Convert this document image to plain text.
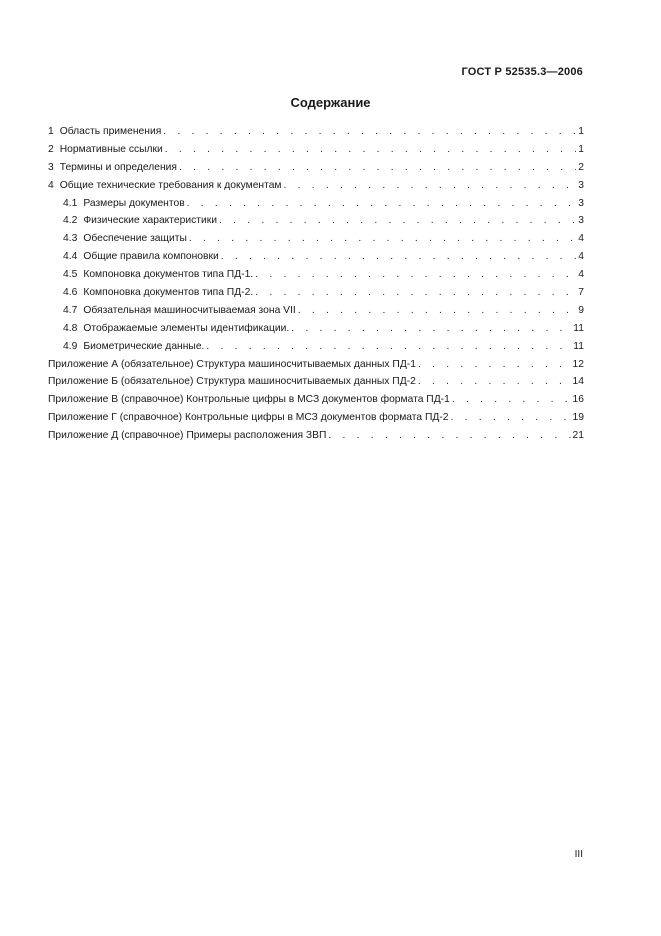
ГОСТ Р 52535.3—2006
Содержание
1 Область применения . . .	1
2 Нормативные ссылки . . .	1
3 Термины и определения . . .	2
4 Общие технические требования к документам . . .	3
4.1 Размеры документов . . .	3
4.2 Физические характеристики . . .	3
4.3 Обеспечение защиты . . .	4
4.4 Общие правила компоновки . . .	4
4.5 Компоновка документов типа ПД-1. . . .	4
4.6 Компоновка документов типа ПД-2. . . .	7
4.7 Обязательная машиносчитываемая зона VII . . .	9
4.8 Отображаемые элементы идентификации. . . .	11
4.9 Биометрические данные. . . .	11
Приложение А (обязательное) Структура машиносчитываемых данных ПД-1 . . .	12
Приложение Б (обязательное) Структура машиносчитываемых данных ПД-2 . . .	14
Приложение В (справочное) Контрольные цифры в МСЗ документов формата ПД-1 . . .	16
Приложение Г (справочное) Контрольные цифры в МСЗ документов формата ПД-2 . . .	19
Приложение Д (справочное) Примеры расположения ЗВП . . .	21
III
